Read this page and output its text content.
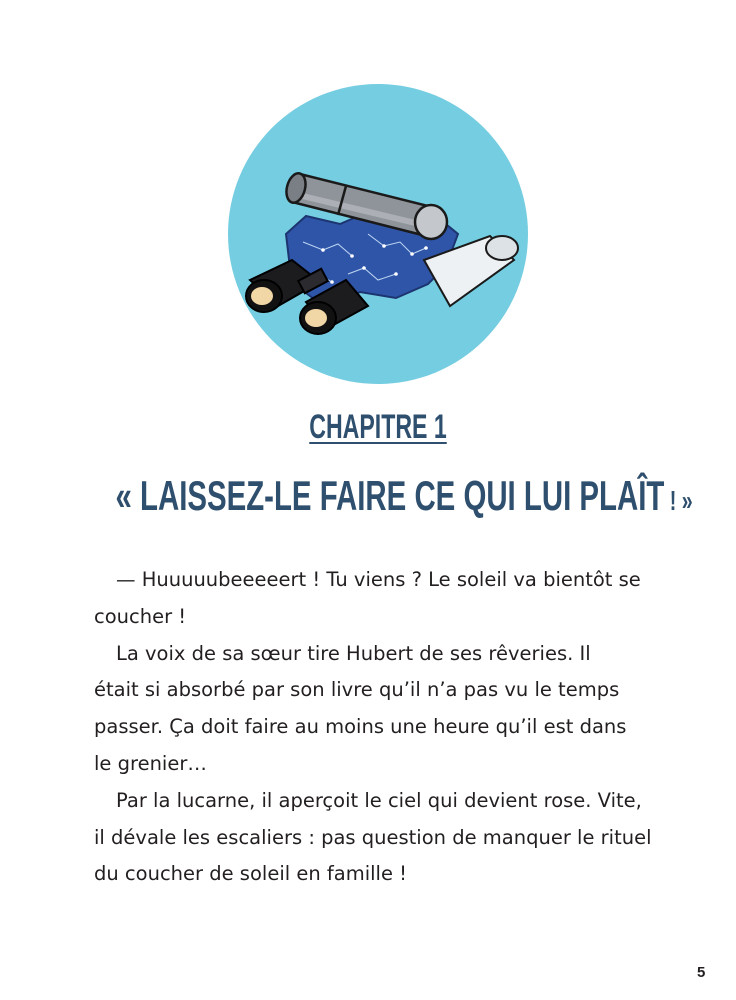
CHAPITRE 1
« LAISSEZ-LE FAIRE CE QUI LUI PLAÎT ! »
— Huuuuubeeeeert ! Tu viens ? Le soleil va bientôt se
coucher !
La voix de sa sœur tire Hubert de ses rêveries. Il
était si absorbé par son livre qu’il n’a pas vu le temps
passer. Ça doit faire au moins une heure qu’il est dans
le grenier…
Par la lucarne, il aperçoit le ciel qui devient rose. Vite,
il dévale les escaliers : pas question de manquer le rituel
du coucher de soleil en famille !
5
